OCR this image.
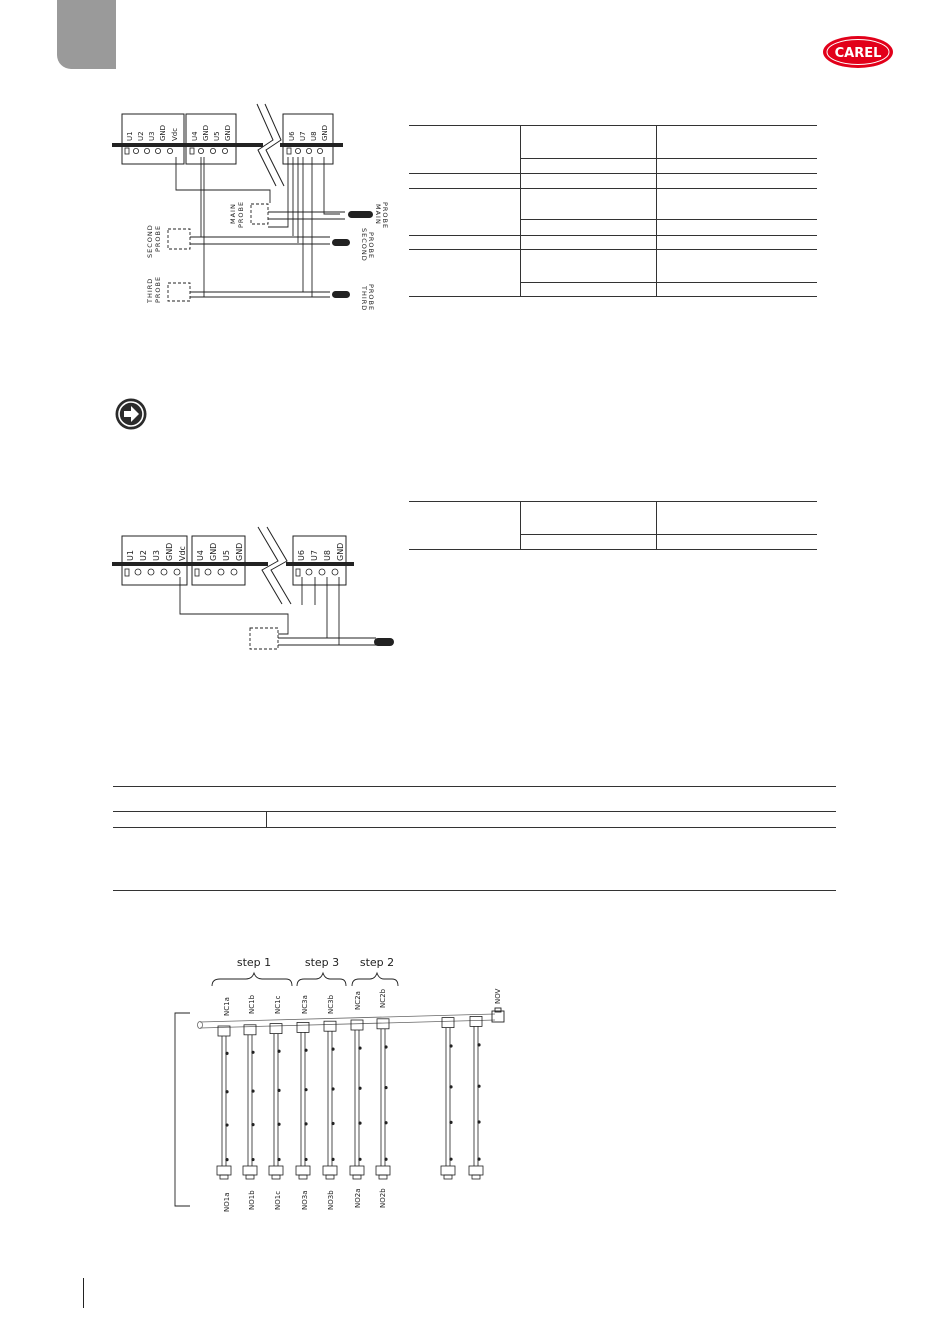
CAREL
U1 U2 U3 GND Vdc U4 GND U5 GND	U6 U7 U8 GND
SECOND PROBE
THIRD PROBE
MAIN PROBE	MAIN PROBE
SECOND PROBE
THIRD PROBE

U1 U2 U3 GND Vdc U4 GND U5 GND	U6 U7 U8 GND

step 1	step 3 step 2
NC1a NC1b	NC1c	NC3a	NC3b	NC2a NC2b	NOV
NO1a NO1b	NO1c	NO3a	NO3b	NO2a NO2b
